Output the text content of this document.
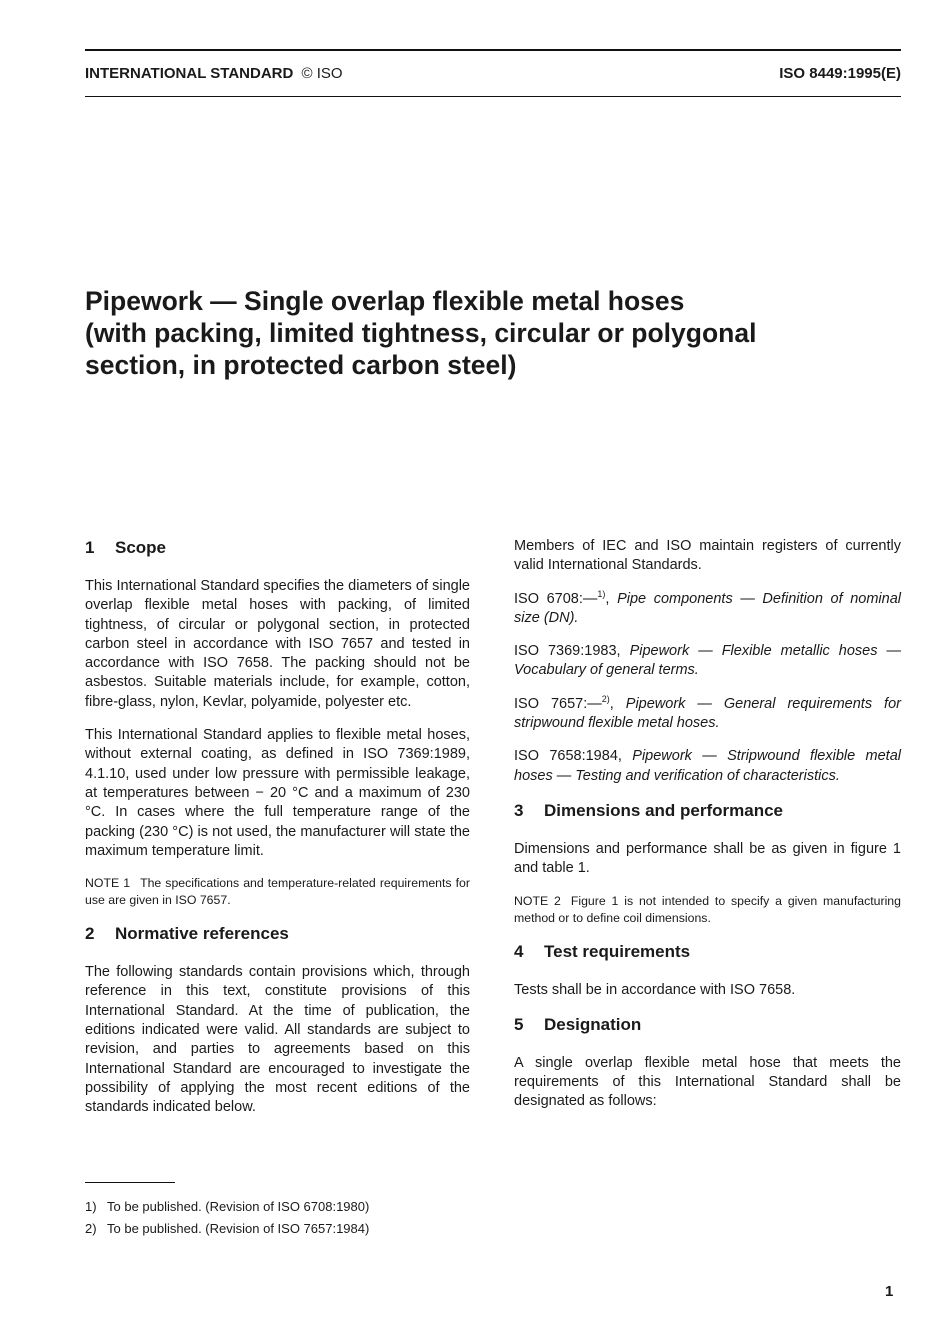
INTERNATIONAL STANDARD © ISO	ISO 8449:1995(E)
Pipework — Single overlap flexible metal hoses
(with packing, limited tightness, circular or polygonal
section, in protected carbon steel)
1 Scope

This International Standard specifies the diameters of single overlap flexible metal hoses with packing, of limited tightness, of circular or polygonal section, in protected carbon steel in accordance with ISO 7657 and tested in accordance with ISO 7658. The packing should not be asbestos. Suitable materials include, for example, cotton, fibre-glass, nylon, Kevlar, polyamide, polyester etc.

This International Standard applies to flexible metal hoses, without external coating, as defined in ISO 7369:1989, 4.1.10, used under low pressure with permissible leakage, at temperatures between − 20 °C and a maximum of 230 °C. In cases where the full temperature range of the packing (230 °C) is not used, the manufacturer will state the maximum temperature limit.

NOTE 1 The specifications and temperature-related requirements for use are given in ISO 7657.

2 Normative references

The following standards contain provisions which, through reference in this text, constitute provisions of this International Standard. At the time of publication, the editions indicated were valid. All standards are subject to revision, and parties to agreements based on this International Standard are encouraged to investigate the possibility of applying the most recent editions of the standards indicated below.

Members of IEC and ISO maintain registers of currently valid International Standards.

ISO 6708:—$^{1)}$, Pipe components — Definition of nominal size (DN).

ISO 7369:1983, Pipework — Flexible metallic hoses — Vocabulary of general terms.

ISO 7657:—$^{2)}$, Pipework — General requirements for stripwound flexible metal hoses.

ISO 7658:1984, Pipework — Stripwound flexible metal hoses — Testing and verification of characteristics.

3 Dimensions and performance

Dimensions and performance shall be as given in figure 1 and table 1.

NOTE 2 Figure 1 is not intended to specify a given manufacturing method or to define coil dimensions.

4 Test requirements

Tests shall be in accordance with ISO 7658.

5 Designation

A single overlap flexible metal hose that meets the requirements of this International Standard shall be designated as follows:

1) To be published. (Revision of ISO 6708:1980)
2) To be published. (Revision of ISO 7657:1984)
1
